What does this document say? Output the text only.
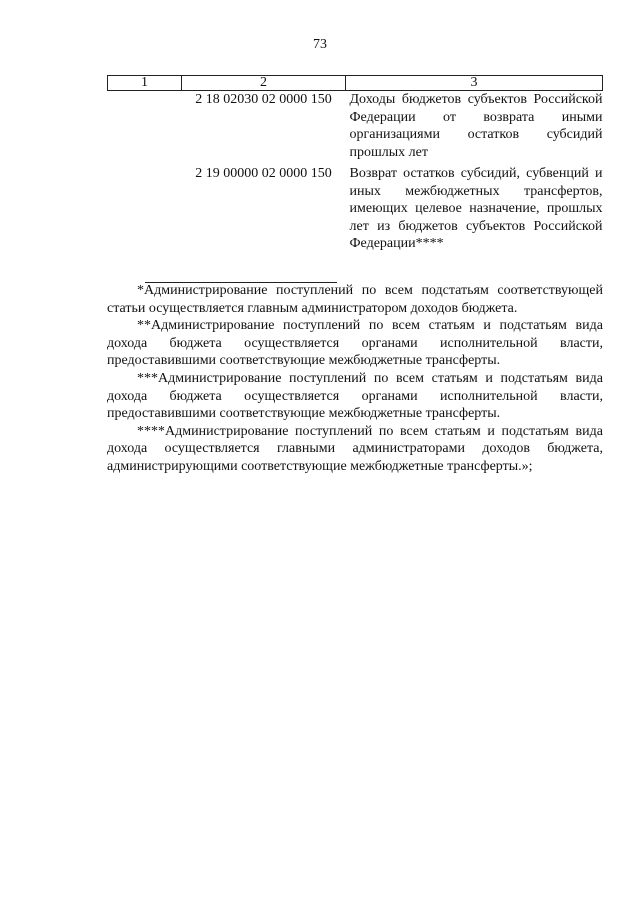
73
1	2	3
	2 18 02030 02 0000 150	Доходы бюджетов субъектов Российской Федерации от возврата иными организациями остатков субсидий прошлых лет
	2 19 00000 02 0000 150	Возврат остатков субсидий, субвенций и иных межбюджетных трансфертов, имеющих целевое назначение, прошлых лет из бюджетов субъектов Российской Федерации****

*Администрирование поступлений по всем подстатьям соответствующей статьи осуществляется главным администратором доходов бюджета.

**Администрирование поступлений по всем статьям и подстатьям вида дохода бюджета осуществляется органами исполнительной власти, предоставившими соответствующие межбюджетные трансферты.

***Администрирование поступлений по всем статьям и подстатьям вида дохода бюджета осуществляется органами исполнительной власти, предоставившими соответствующие межбюджетные трансферты.

****Администрирование поступлений по всем статьям и подстатьям вида дохода осуществляется главными администраторами доходов бюджета, администрирующими соответствующие межбюджетные трансферты.»;
